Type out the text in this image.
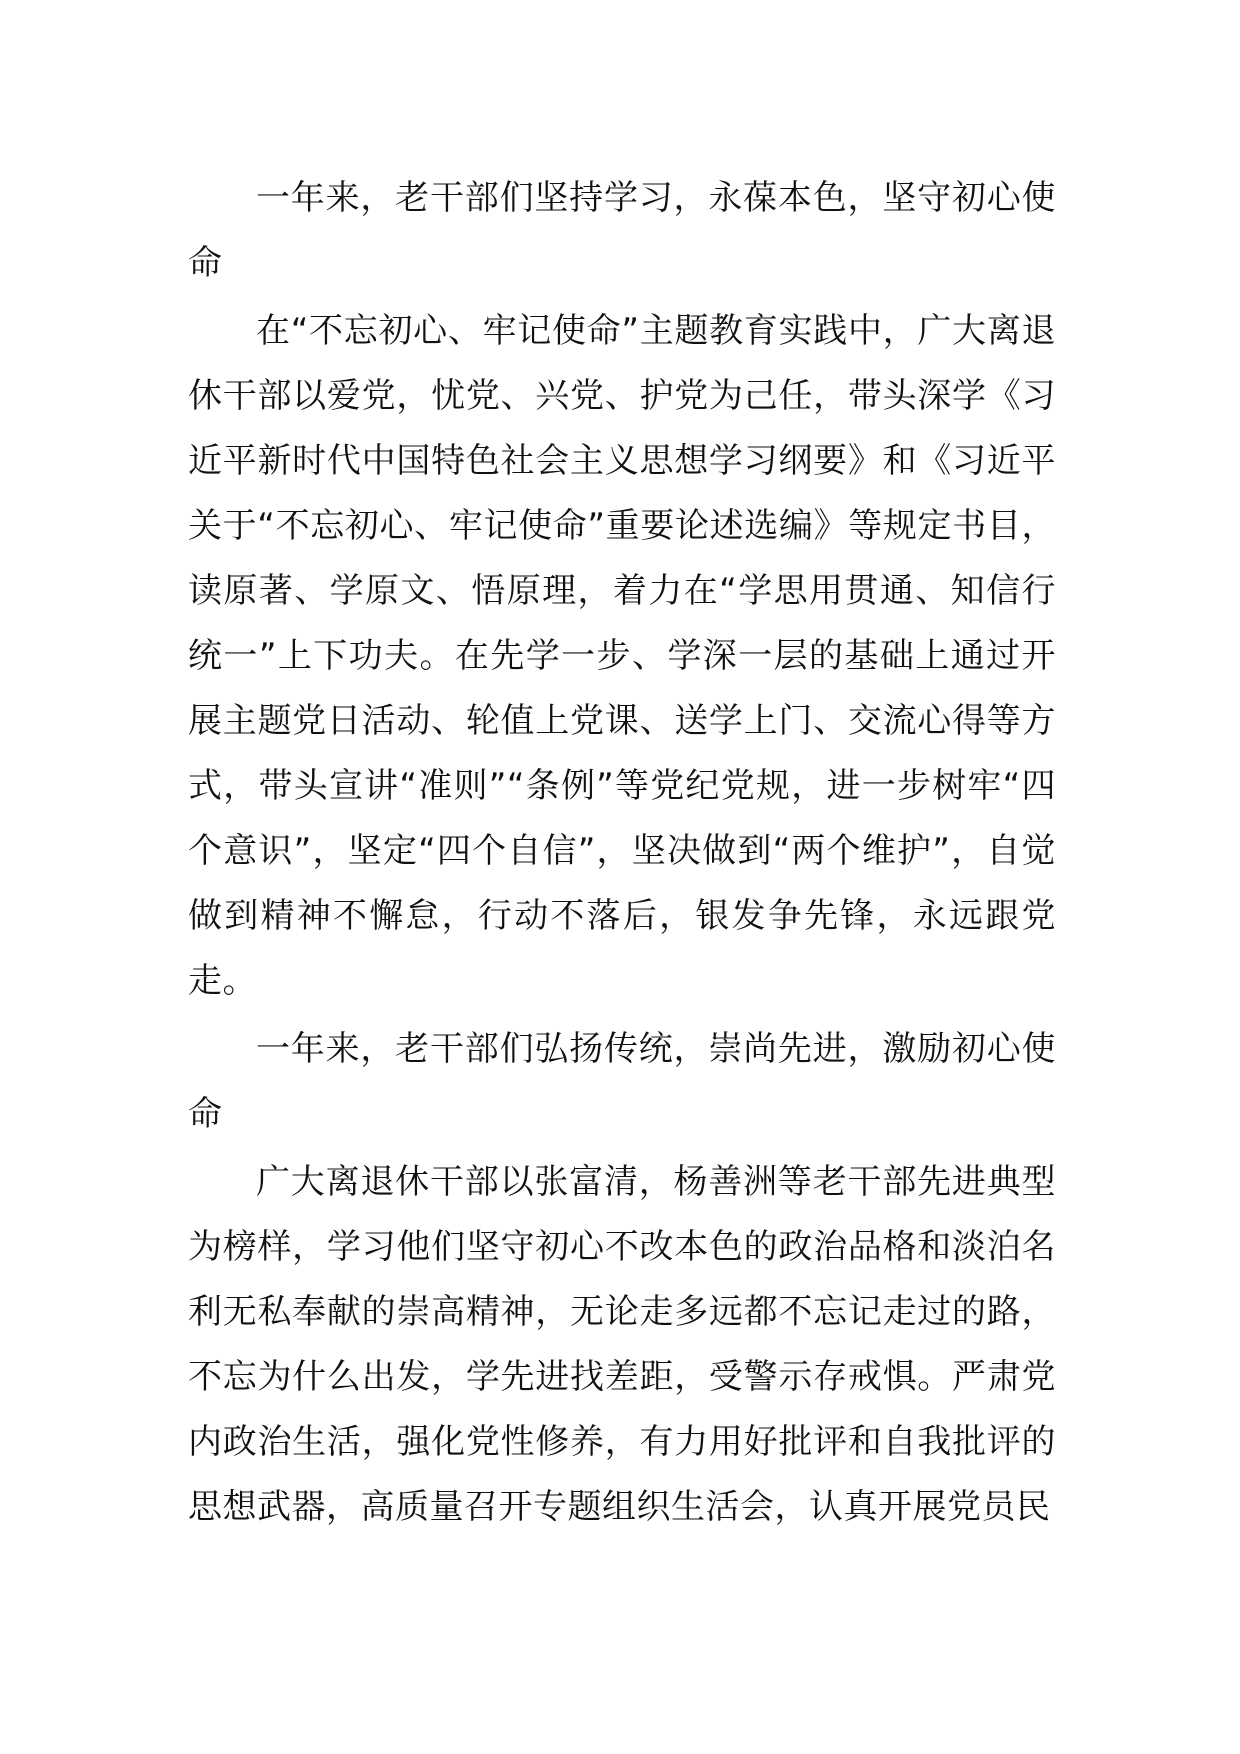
一年来，老干部们坚持学习，永葆本色，坚守初心使命

在“不忘初心、牢记使命”主题教育实践中，广大离退休干部以爱党，忧党、兴党、护党为己任，带头深学《习近平新时代中国特色社会主义思想学习纲要》和《习近平关于“不忘初心、牢记使命”重要论述选编》等规定书目，读原著、学原文、悟原理，着力在“学思用贯通、知信行统一”上下功夫。在先学一步、学深一层的基础上通过开展主题党日活动、轮值上党课、送学上门、交流心得等方式，带头宣讲“准则”“条例”等党纪党规，进一步树牢“四个意识”，坚定“四个自信”，坚决做到“两个维护”，自觉做到精神不懈怠，行动不落后，银发争先锋，永远跟党走。

一年来，老干部们弘扬传统，崇尚先进，激励初心使命

广大离退休干部以张富清，杨善洲等老干部先进典型为榜样，学习他们坚守初心不改本色的政治品格和淡泊名利无私奉献的崇高精神，无论走多远都不忘记走过的路，不忘为什么出发，学先进找差距，受警示存戒惧。严肃党内政治生活，强化党性修养，有力用好批评和自我批评的思想武器，高质量召开专题组织生活会，认真开展党员民
